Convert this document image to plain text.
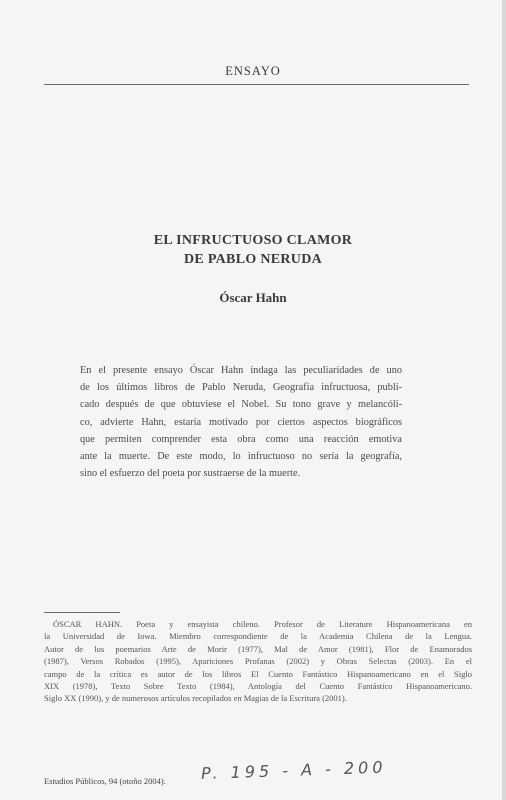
ENSAYO
EL INFRUCTUOSO CLAMOR
DE PABLO NERUDA
Óscar Hahn
En el presente ensayo Óscar Hahn indaga las peculiaridades de uno
de los últimos libros de Pablo Neruda, Geografía infructuosa, publi-
cado después de que obtuviese el Nobel. Su tono grave y melancóli-
co, advierte Hahn, estaría motivado por ciertos aspectos biográficos
que permiten comprender esta obra como una reacción emotiva
ante la muerte. De este modo, lo infructuoso no sería la geografía,
sino el esfuerzo del poeta por sustraerse de la muerte.
ÓSCAR HAHN. Poeta y ensayista chileno. Profesor de Literature Hispanoamericana en
la Universidad de Iowa. Miembro correspondiente de la Academia Chilena de la Lengua.
Autor de los poemarios Arte de Morir (1977), Mal de Amor (1981), Flor de Enamorados
(1987), Versos Robados (1995), Apariciones Profanas (2002) y Obras Selectas (2003). En el
campo de la crítica es autor de los libros El Cuento Fantástico Hispanoamericano en el Siglo
XIX (1978), Texto Sobre Texto (1984), Antología del Cuento Fantástico Hispanoamericano.
Siglo XX (1990), y de numerosos artículos recopilados en Magias de la Escritura (2001).
Estudios Públicos, 94 (otoño 2004). P. 195 - A - 200
